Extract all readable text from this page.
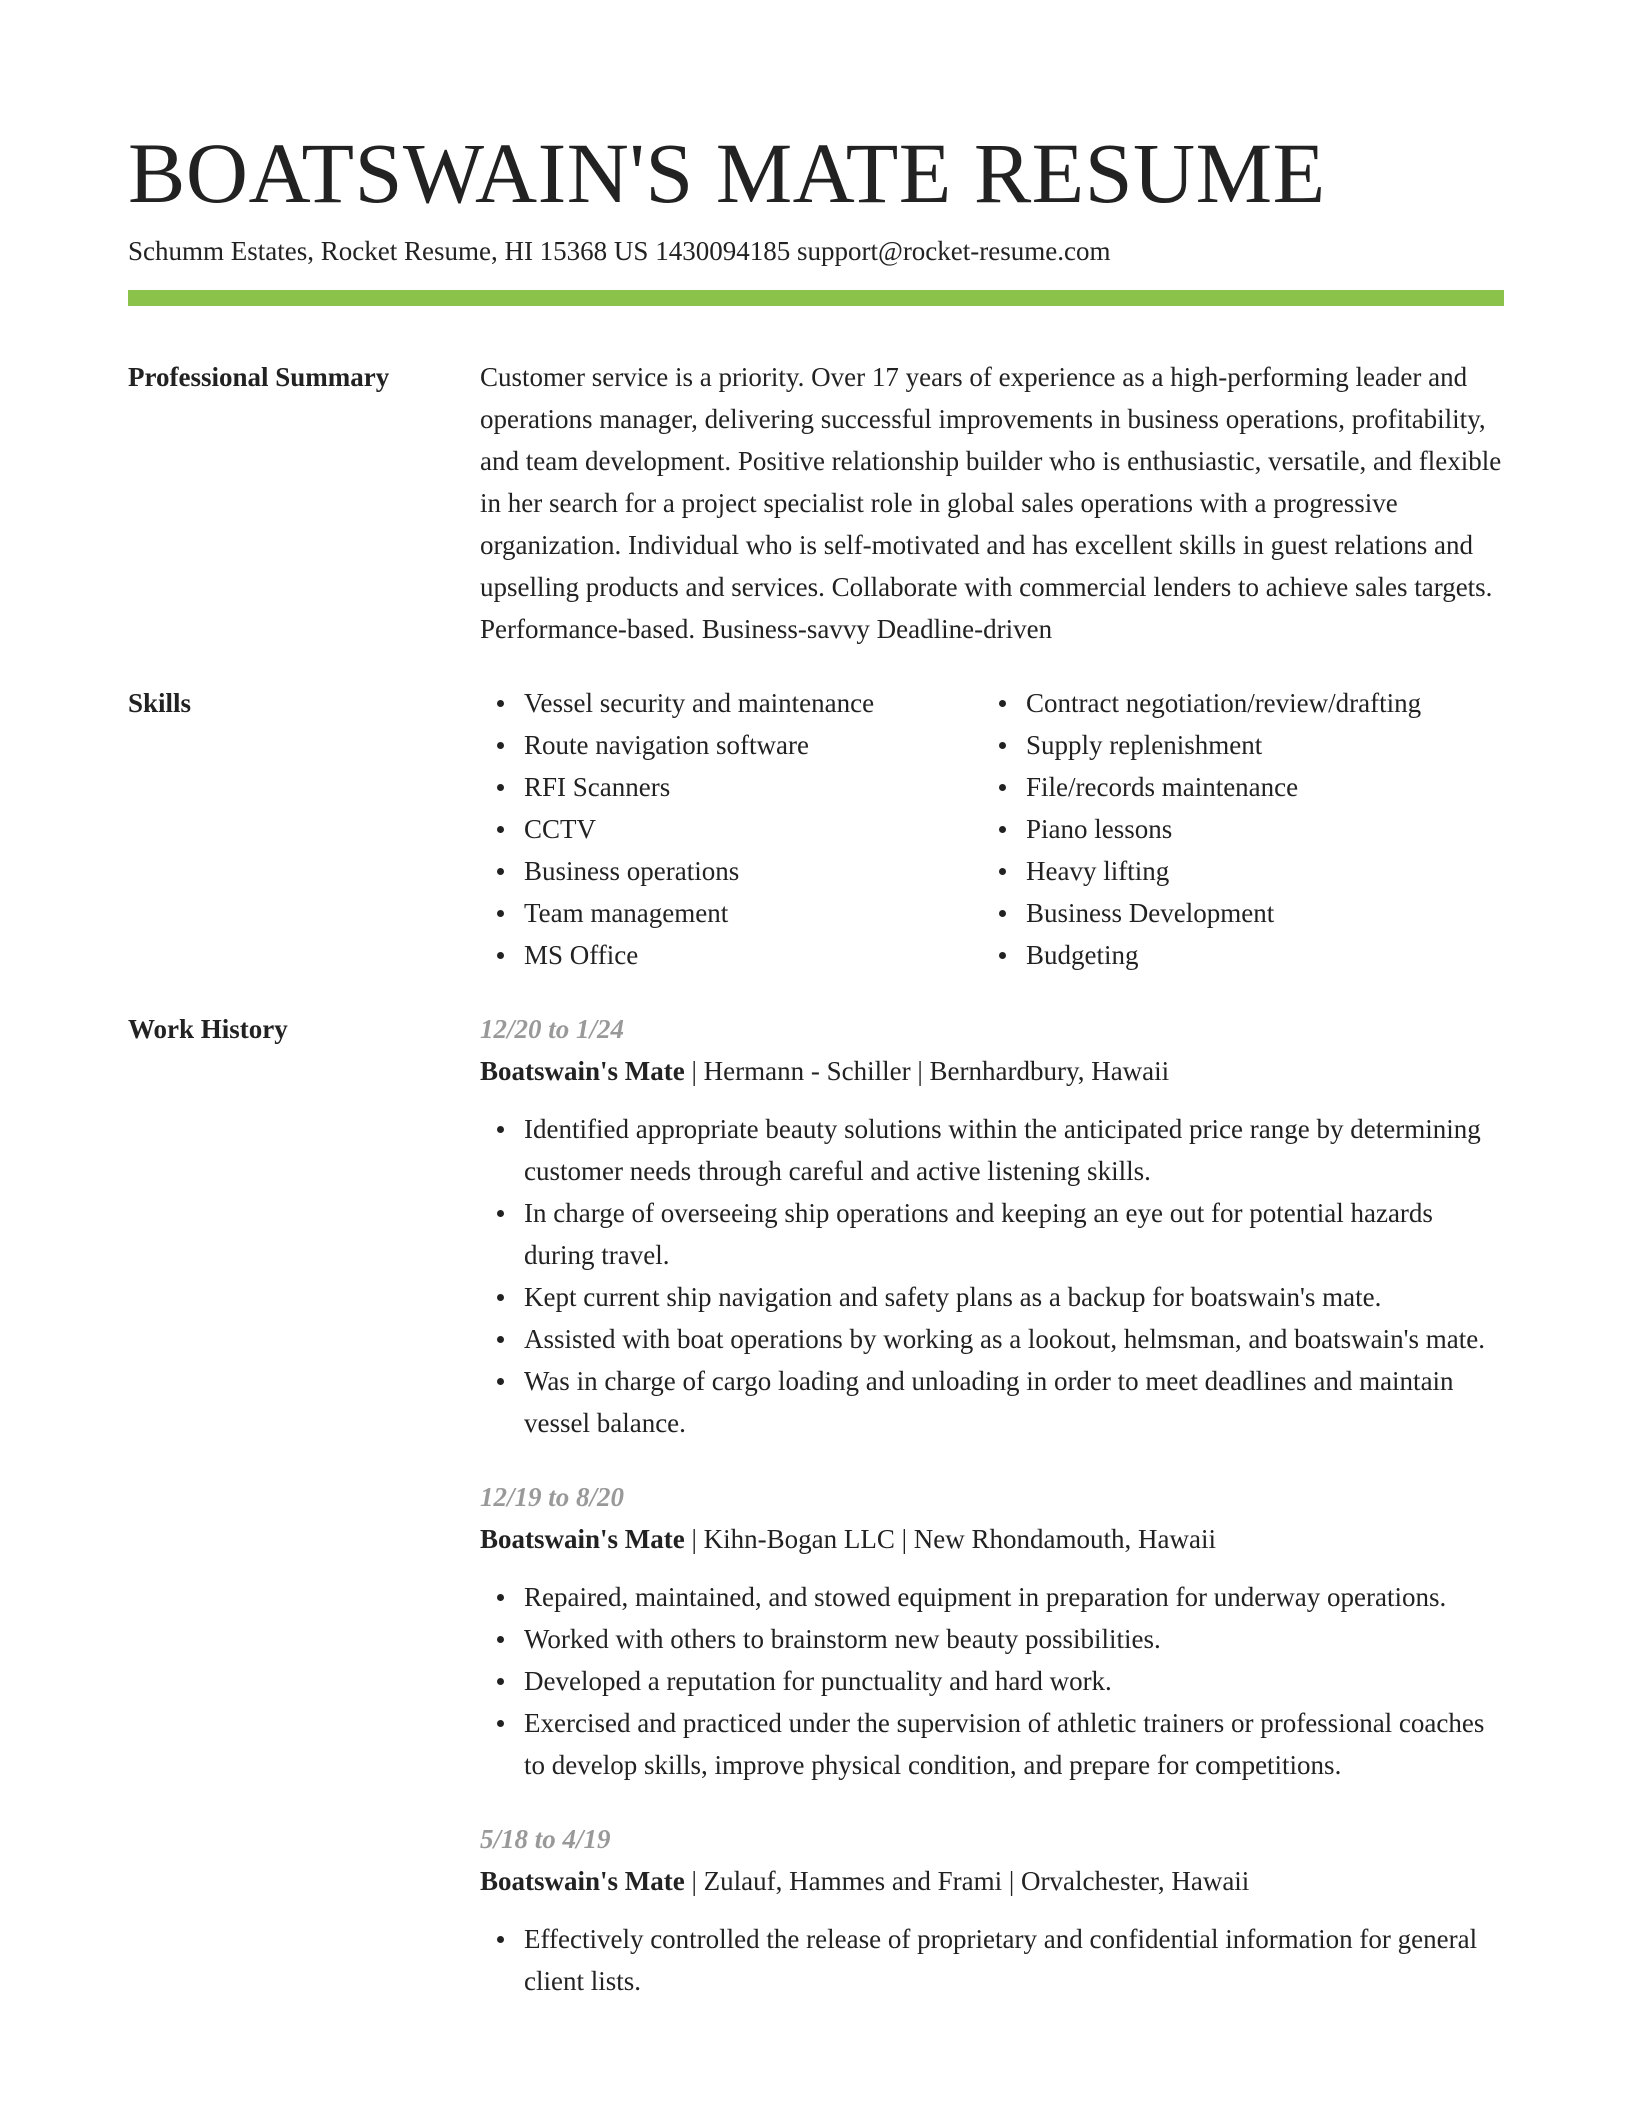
BOATSWAIN'S MATE RESUME
Schumm Estates, Rocket Resume, HI 15368 US 1430094185 support@rocket-resume.com
Professional Summary	Customer service is a priority. Over 17 years of experience as a high-performing leader and operations manager, delivering successful improvements in business operations, profitability, and team development. Positive relationship builder who is enthusiastic, versatile, and flexible in her search for a project specialist role in global sales operations with a progressive organization. Individual who is self-motivated and has excellent skills in guest relations and upselling products and services. Collaborate with commercial lenders to achieve sales targets. Performance-based. Business-savvy Deadline-driven
Skills	Vessel security and maintenance
Route navigation software
RFI Scanners
CCTV
Business operations
Team management
MS Office
Contract negotiation/review/drafting
Supply replenishment
File/records maintenance
Piano lessons
Heavy lifting
Business Development
Budgeting
Work History	12/20 to 1/24
Boatswain's Mate | Hermann - Schiller | Bernhardbury, Hawaii
Identified appropriate beauty solutions within the anticipated price range by determining customer needs through careful and active listening skills.
In charge of overseeing ship operations and keeping an eye out for potential hazards during travel.
Kept current ship navigation and safety plans as a backup for boatswain's mate.
Assisted with boat operations by working as a lookout, helmsman, and boatswain's mate.
Was in charge of cargo loading and unloading in order to meet deadlines and maintain vessel balance.
12/19 to 8/20
Boatswain's Mate | Kihn-Bogan LLC | New Rhondamouth, Hawaii
Repaired, maintained, and stowed equipment in preparation for underway operations.
Worked with others to brainstorm new beauty possibilities.
Developed a reputation for punctuality and hard work.
Exercised and practiced under the supervision of athletic trainers or professional coaches to develop skills, improve physical condition, and prepare for competitions.
5/18 to 4/19
Boatswain's Mate | Zulauf, Hammes and Frami | Orvalchester, Hawaii
Effectively controlled the release of proprietary and confidential information for general client lists.
